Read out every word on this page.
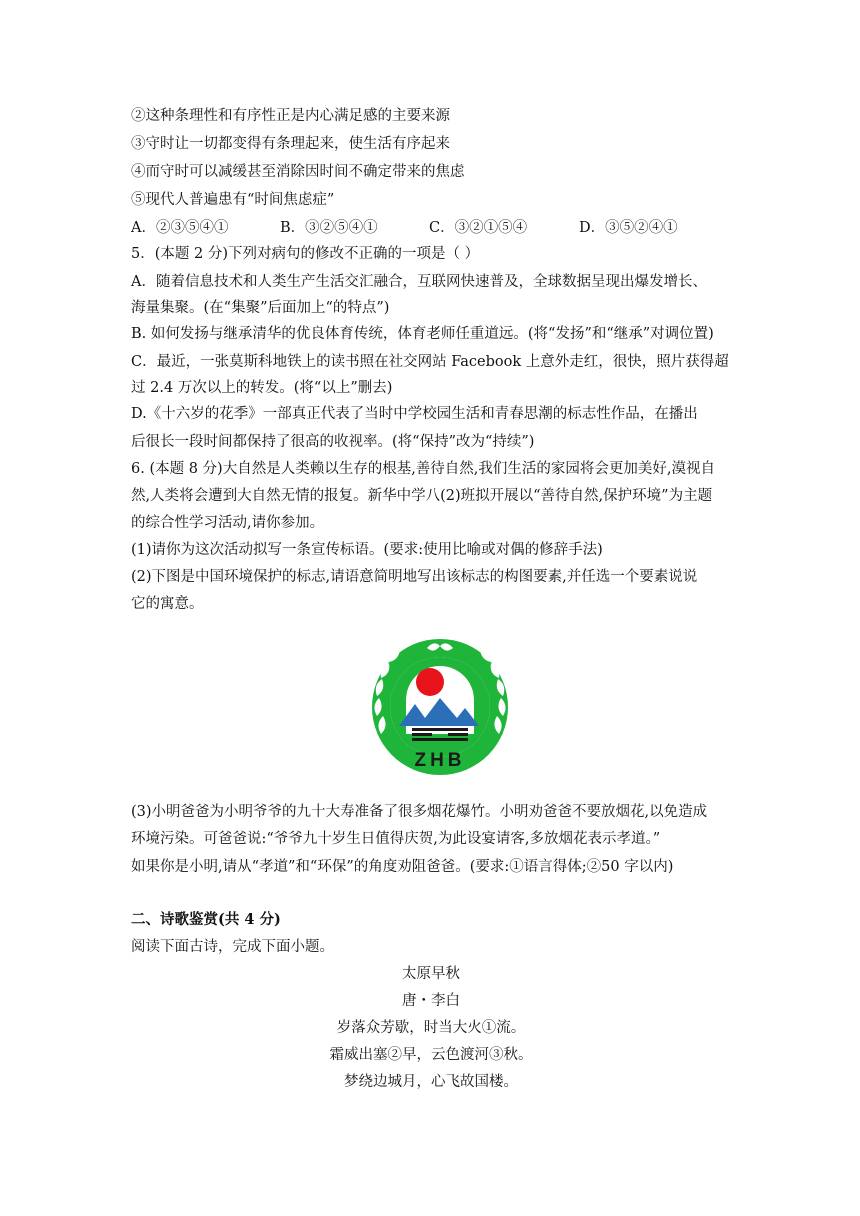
②这种条理性和有序性正是内心满足感的主要来源
③守时让一切都变得有条理起来，使生活有序起来
④而守时可以减缓甚至消除因时间不确定带来的焦虑
⑤现代人普遍患有“时间焦虑症”
A．②③⑤④①	B．③②⑤④①	C．③②①⑤④	D．③⑤②④①
5．(本题 2 分)下列对病句的修改不正确的一项是（ ）
A．随着信息技术和人类生产生活交汇融合，互联网快速普及，全球数据呈现出爆发增长、
海量集聚。(在“集聚”后面加上“的特点”)
B. 如何发扬与继承清华的优良体育传统，体育老师任重道远。(将“发扬”和“继承”对调位置)
C．最近，一张莫斯科地铁上的读书照在社交网站 Facebook 上意外走红，很快，照片获得超
过 2.4 万次以上的转发。(将“以上”删去)
D.《十六岁的花季》一部真正代表了当时中学校园生活和青春思潮的标志性作品，在播出
后很长一段时间都保持了很高的收视率。(将“保持”改为“持续”)
6. (本题 8 分)大自然是人类赖以生存的根基,善待自然,我们生活的家园将会更加美好,漠视自
然,人类将会遭到大自然无情的报复。新华中学八(2)班拟开展以“善待自然,保护环境”为主题
的综合性学习活动,请你参加。
(1)请你为这次活动拟写一条宣传标语。(要求:使用比喻或对偶的修辞手法)
(2)下图是中国环境保护的标志,请语意简明地写出该标志的构图要素,并任选一个要素说说
它的寓意。
ZHB
(3)小明爸爸为小明爷爷的九十大寿准备了很多烟花爆竹。小明劝爸爸不要放烟花,以免造成
环境污染。可爸爸说:“爷爷九十岁生日值得庆贺,为此设宴请客,多放烟花表示孝道。”
如果你是小明,请从“孝道”和“环保”的角度劝阻爸爸。(要求:①语言得体;②50 字以内)
二、诗歌鉴赏(共 4 分)
阅读下面古诗，完成下面小题。
太原早秋
唐・李白
岁落众芳歇，时当大火①流。
霜威出塞②早，云色渡河③秋。
梦绕边城月，心飞故国楼。
